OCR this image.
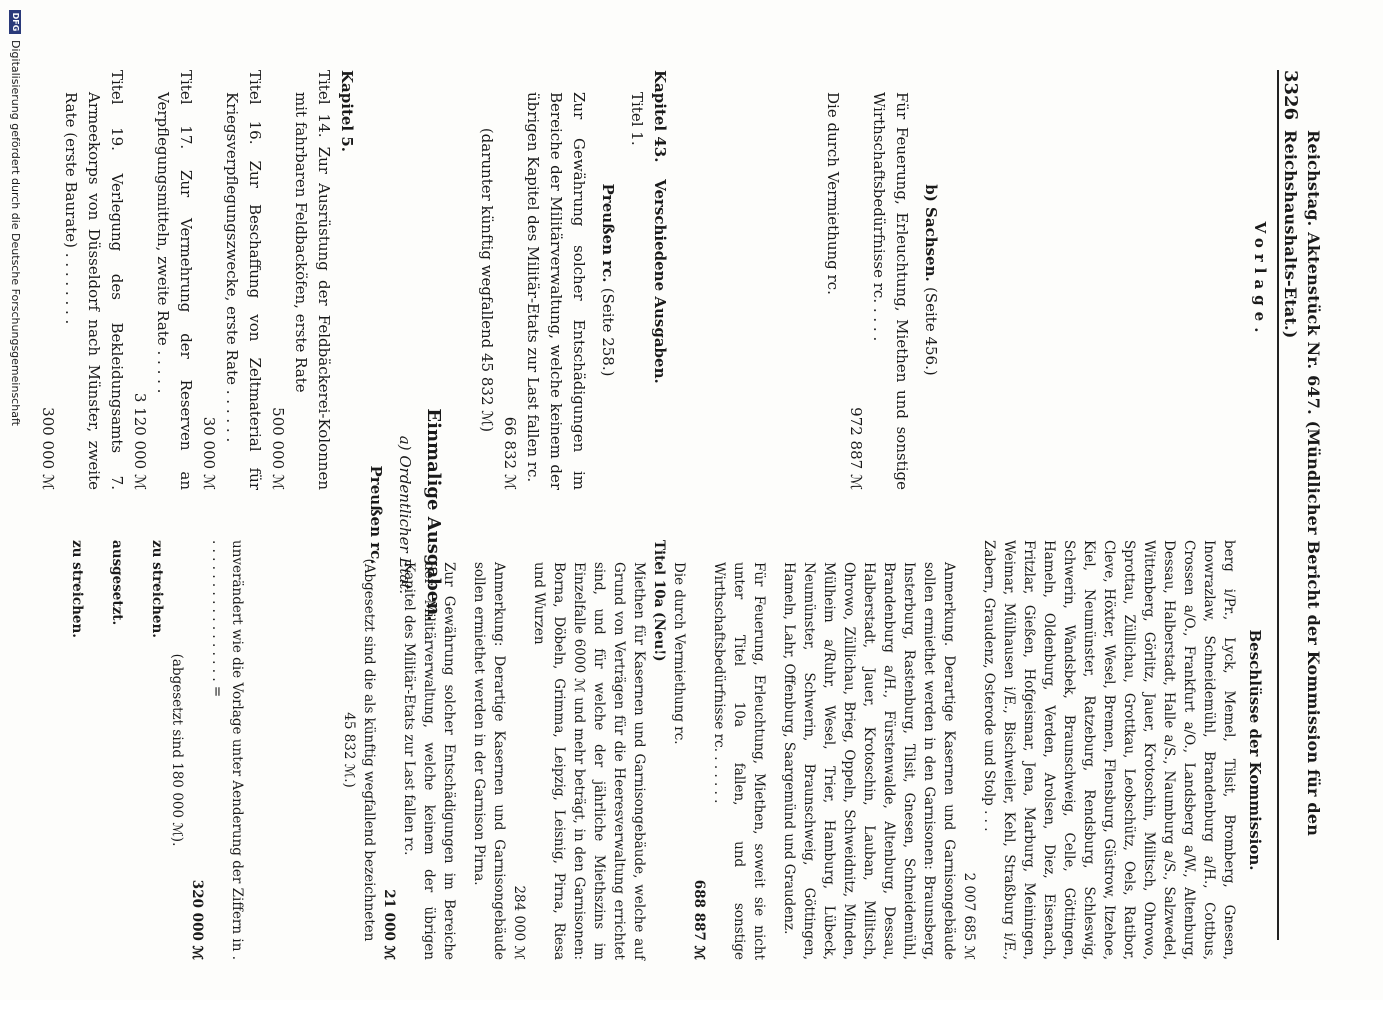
3326
Reichstag. Aktenstück Nr. 647. (Mündlicher Bericht der Kommission für den Reichshaushalts-Etat.)
Vorlage.
b) Sachsen. (Seite 456.)

Für Feuerung, Erleuchtung, Miethen und sonstige Wirthschaftsbedürfnisse rc. . . . .

972 887 ℳ

Die durch Vermiethung rc.

Kapitel 43. Verschiedene Ausgaben.
Titel 1.
Preußen rc. (Seite 258.)

Zur Gewährung solcher Entschädigungen im Bereiche der Militärverwaltung, welche keinem der übrigen Kapitel des Militär-Etats zur Last fallen rc.

66 832 ℳ
(darunter künftig wegfallend 45 832 ℳ)
Einmalige Ausgaben.
a) Ordentlicher Etat.
Preußen rc.
Kapitel 5.

Titel 14. Zur Ausrüstung der Feldbäckerei-Kolonnen mit fahrbaren Feldbacköfen, erste Rate

500 000 ℳ

Titel 16. Zur Beschaffung von Zeltmaterial für Kriegsverpflegungszwecke, erste Rate . . . . . .

30 000 ℳ

Titel 17. Zur Vermehrung der Reserven an Verpflegungsmitteln, zweite Rate . . . . .

3 120 000 ℳ

Titel 19. Verlegung des Bekleidungsamts 7. Armeekorps von Düsseldorf nach Münster, zweite Rate (erste Baurate) . . . . . . . .

300 000 ℳ
Beschlüsse der Kommission.

berg i/Pr., Lyck, Memel, Tilsit, Bromberg, Gnesen, Inowrazlaw, Schneidemühl, Brandenburg a/H., Cottbus, Crossen a/O., Frankfurt a/O., Landsberg a/W., Altenburg, Dessau, Halberstadt, Halle a/S., Naumburg a/S., Salzwedel, Wittenberg, Görlitz, Jauer, Krotoschin, Militsch, Ohrowo, Sprottau, Züllichau, Grottkau, Leobschütz, Oels, Ratibor, Cleve, Höxter, Wesel, Bremen, Flensburg, Güstrow, Itzehoe, Kiel, Neumünster, Ratzeburg, Rendsburg, Schleswig, Schwerin, Wandsbek, Braunschweig, Celle, Göttingen, Hameln, Oldenburg, Verden, Arolsen, Diez, Eisenach, Fritzlar, Gießen, Hofgeismar, Jena, Marburg, Meiningen, Weimar, Mülhausen i/E., Bischweiler, Kehl, Straßburg i/E., Zabern, Graudenz, Osterode und Stolp . . .

2 007 685 ℳ

Anmerkung. Derartige Kasernen und Garnisongebäude sollen ermiethet werden in den Garnisonen: Braunsberg, Insterburg, Rastenburg, Tilsit, Gnesen, Schneidemühl, Brandenburg a/H., Fürstenwalde, Altenburg, Dessau, Halberstadt, Jauer, Krotoschin, Lauban, Militsch, Ohrowo, Züllichau, Brieg, Oppeln, Schweidnitz, Minden, Mülheim a/Ruhr, Wesel, Trier, Hamburg, Lübeck, Neumünster, Schwerin, Braunschweig, Göttingen, Hameln, Lahr, Offenburg, Saargemünd und Graudenz.

Für Feuerung, Erleuchtung, Miethen, soweit sie nicht unter Titel 10a fallen, und sonstige Wirthschaftsbedürfnisse rc. . . . . . .

688 887 ℳ

Die durch Vermiethung rc.

Titel 10a (Neu!)

Miethen für Kasernen und Garnisongebäude, welche auf Grund von Verträgen für die Heeresverwaltung errichtet sind, und für welche der jährliche Miethszins im Einzelfalle 6000 ℳ und mehr beträgt, in den Garnisonen: Borna, Döbeln, Grimma, Leipzig, Leisnig, Pirna, Riesa und Wurzen

284 000 ℳ

Anmerkung: Derartige Kasernen und Garnisongebäude sollen ermiethet werden in der Garnison Pirna.

Zur Gewährung solcher Entschädigungen im Bereiche der Militärverwaltung, welche keinem der übrigen Kapitel des Militär-Etats zur Last fallen rc.

21 000 ℳ
(Abgesetzt sind die als künftig wegfallend bezeichneten 45 832 ℳ.)

unverändert wie die Vorlage unter Aenderung der Ziffern in . . . . . . . . . . . . . . . . . . =

320 000 ℳ
(abgesetzt sind 180 000 ℳ).
zu streichen.
ausgesetzt.
zu streichen.
DFG
Digitalisierung gefördert durch die Deutsche Forschungsgemeinschaft
